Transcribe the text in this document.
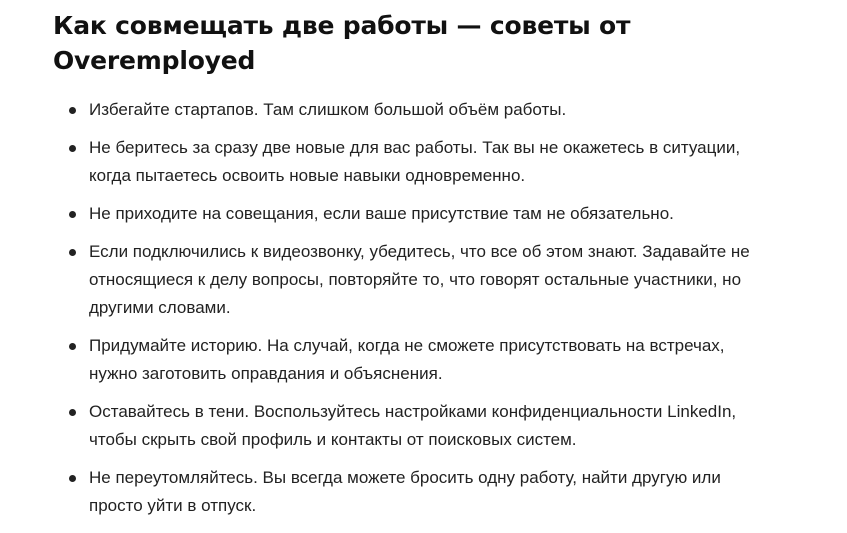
Как совмещать две работы — советы от Overemployed
Избегайте стартапов. Там слишком большой объём работы.
Не беритесь за сразу две новые для вас работы. Так вы не окажетесь в ситуации, когда пытаетесь освоить новые навыки одновременно.
Не приходите на совещания, если ваше присутствие там не обязательно.
Если подключились к видеозвонку, убедитесь, что все об этом знают. Задавайте не относящиеся к делу вопросы, повторяйте то, что говорят остальные участники, но другими словами.
Придумайте историю. На случай, когда не сможете присутствовать на встречах, нужно заготовить оправдания и объяснения.
Оставайтесь в тени. Воспользуйтесь настройками конфиденциальности LinkedIn, чтобы скрыть свой профиль и контакты от поисковых систем.
Не переутомляйтесь. Вы всегда можете бросить одну работу, найти другую или просто уйти в отпуск.
